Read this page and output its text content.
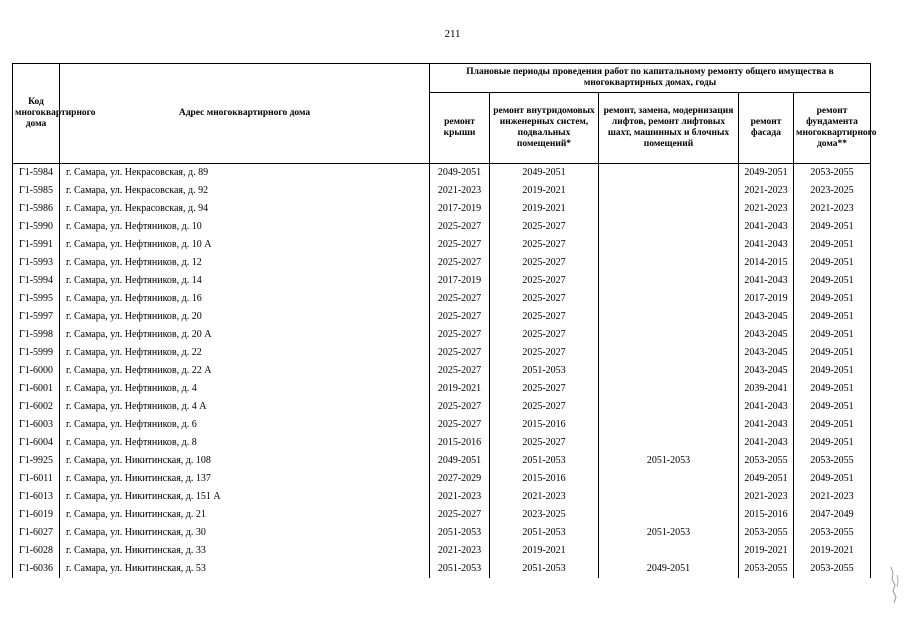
211
Код многоквартирного дома	Адрес многоквартирного дома	Плановые периоды проведения работ по капитальному ремонту общего имущества в многоквартирных домах, годы				
		ремонт крыши	ремонт внутридомовых инженерных систем, подвальных помещений*	ремонт, замена, модернизация лифтов, ремонт лифтовых шахт, машинных и блочных помещений	ремонт фасада	ремонт фундамента многоквартирного дома**
Г1-5984	г. Самара, ул. Некрасовская, д. 89	2049-2051	2049-2051		2049-2051	2053-2055
Г1-5985	г. Самара, ул. Некрасовская, д. 92	2021-2023	2019-2021		2021-2023	2023-2025
Г1-5986	г. Самара, ул. Некрасовская, д. 94	2017-2019	2019-2021		2021-2023	2021-2023
Г1-5990	г. Самара, ул. Нефтяников, д. 10	2025-2027	2025-2027		2041-2043	2049-2051
Г1-5991	г. Самара, ул. Нефтяников, д. 10 А	2025-2027	2025-2027		2041-2043	2049-2051
Г1-5993	г. Самара, ул. Нефтяников, д. 12	2025-2027	2025-2027		2014-2015	2049-2051
Г1-5994	г. Самара, ул. Нефтяников, д. 14	2017-2019	2025-2027		2041-2043	2049-2051
Г1-5995	г. Самара, ул. Нефтяников, д. 16	2025-2027	2025-2027		2017-2019	2049-2051
Г1-5997	г. Самара, ул. Нефтяников, д. 20	2025-2027	2025-2027		2043-2045	2049-2051
Г1-5998	г. Самара, ул. Нефтяников, д. 20 А	2025-2027	2025-2027		2043-2045	2049-2051
Г1-5999	г. Самара, ул. Нефтяников, д. 22	2025-2027	2025-2027		2043-2045	2049-2051
Г1-6000	г. Самара, ул. Нефтяников, д. 22 А	2025-2027	2051-2053		2043-2045	2049-2051
Г1-6001	г. Самара, ул. Нефтяников, д. 4	2019-2021	2025-2027		2039-2041	2049-2051
Г1-6002	г. Самара, ул. Нефтяников, д. 4 А	2025-2027	2025-2027		2041-2043	2049-2051
Г1-6003	г. Самара, ул. Нефтяников, д. 6	2025-2027	2015-2016		2041-2043	2049-2051
Г1-6004	г. Самара, ул. Нефтяников, д. 8	2015-2016	2025-2027		2041-2043	2049-2051
Г1-9925	г. Самара, ул. Никитинская, д. 108	2049-2051	2051-2053	2051-2053	2053-2055	2053-2055
Г1-6011	г. Самара, ул. Никитинская, д. 137	2027-2029	2015-2016		2049-2051	2049-2051
Г1-6013	г. Самара, ул. Никитинская, д. 151 А	2021-2023	2021-2023		2021-2023	2021-2023
Г1-6019	г. Самара, ул. Никитинская, д. 21	2025-2027	2023-2025		2015-2016	2047-2049
Г1-6027	г. Самара, ул. Никитинская, д. 30	2051-2053	2051-2053	2051-2053	2053-2055	2053-2055
Г1-6028	г. Самара, ул. Никитинская, д. 33	2021-2023	2019-2021		2019-2021	2019-2021
Г1-6036	г. Самара, ул. Никитинская, д. 53	2051-2053	2051-2053	2049-2051	2053-2055	2053-2055
